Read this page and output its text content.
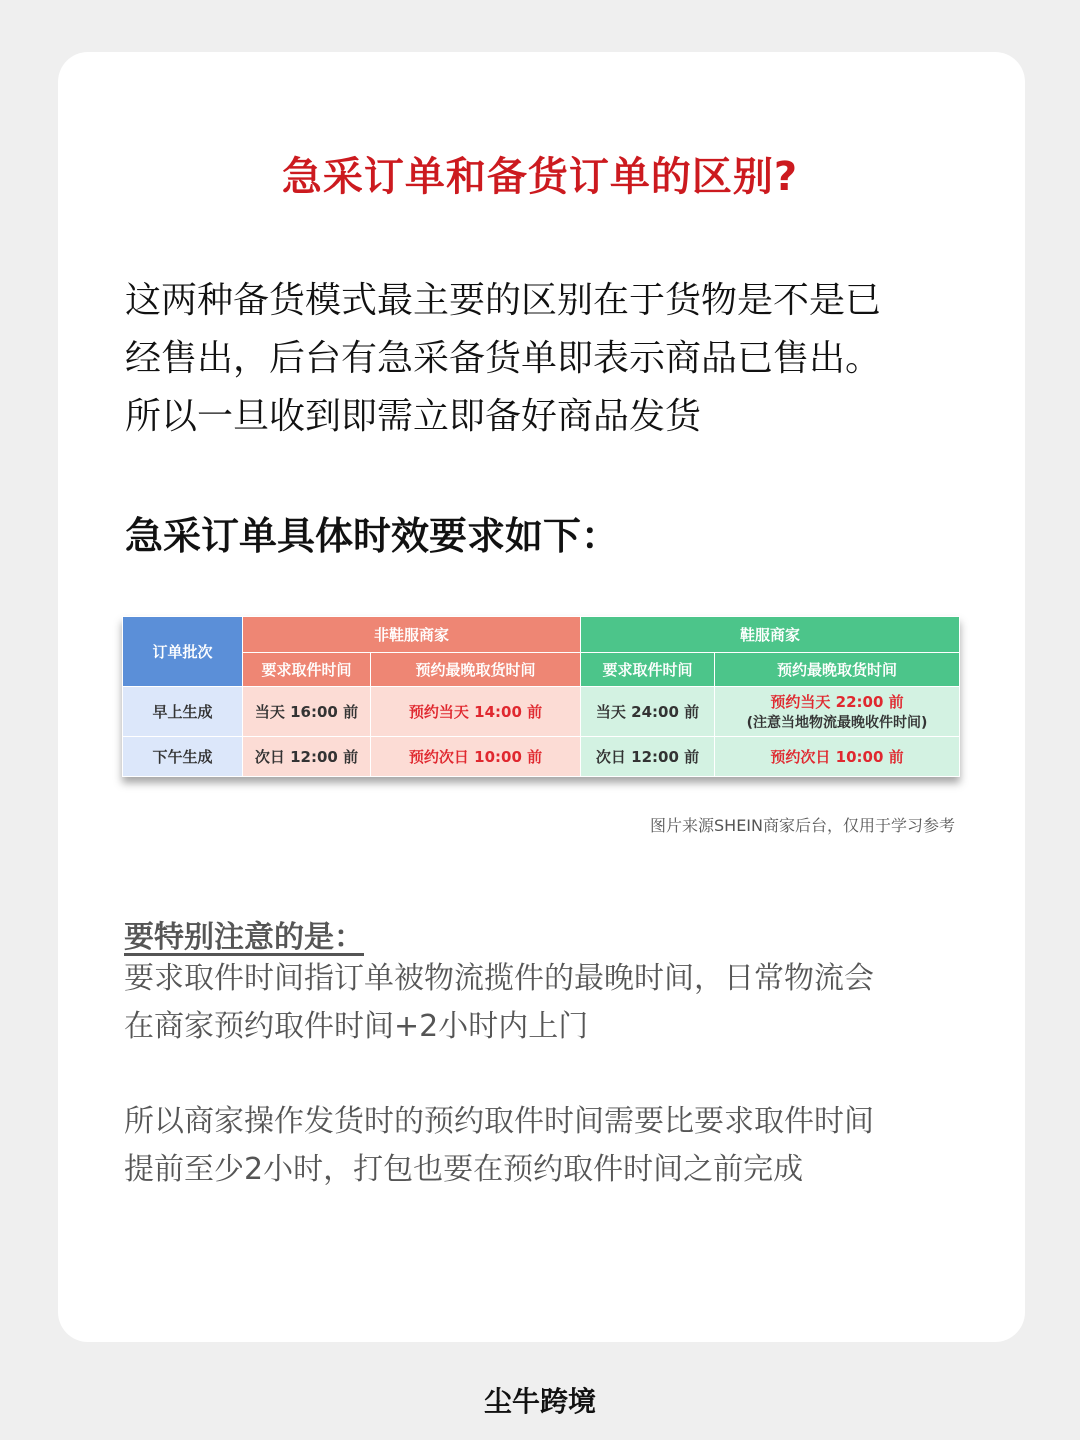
急采订单和备货订单的区别?
这两种备货模式最主要的区别在于货物是不是已
经售出，后台有急采备货单即表示商品已售出。
所以一旦收到即需立即备好商品发货
急采订单具体时效要求如下：
订单批次	非鞋服商家		鞋服商家	
	要求取件时间	预约最晚取货时间	要求取件时间	预约最晚取货时间
早上生成	当天 16:00 前	预约当天 14:00 前	当天 24:00 前	预约当天 22:00 前
(注意当地物流最晚收件时间)

下午生成	次日 12:00 前	预约次日 10:00 前	次日 12:00 前	预约次日 10:00 前
图片来源SHEIN商家后台，仅用于学习参考
要特别注意的是：
要求取件时间指订单被物流揽件的最晚时间，日常物流会
在商家预约取件时间+2小时内上门
所以商家操作发货时的预约取件时间需要比要求取件时间
提前至少2小时，打包也要在预约取件时间之前完成
尘牛跨境
